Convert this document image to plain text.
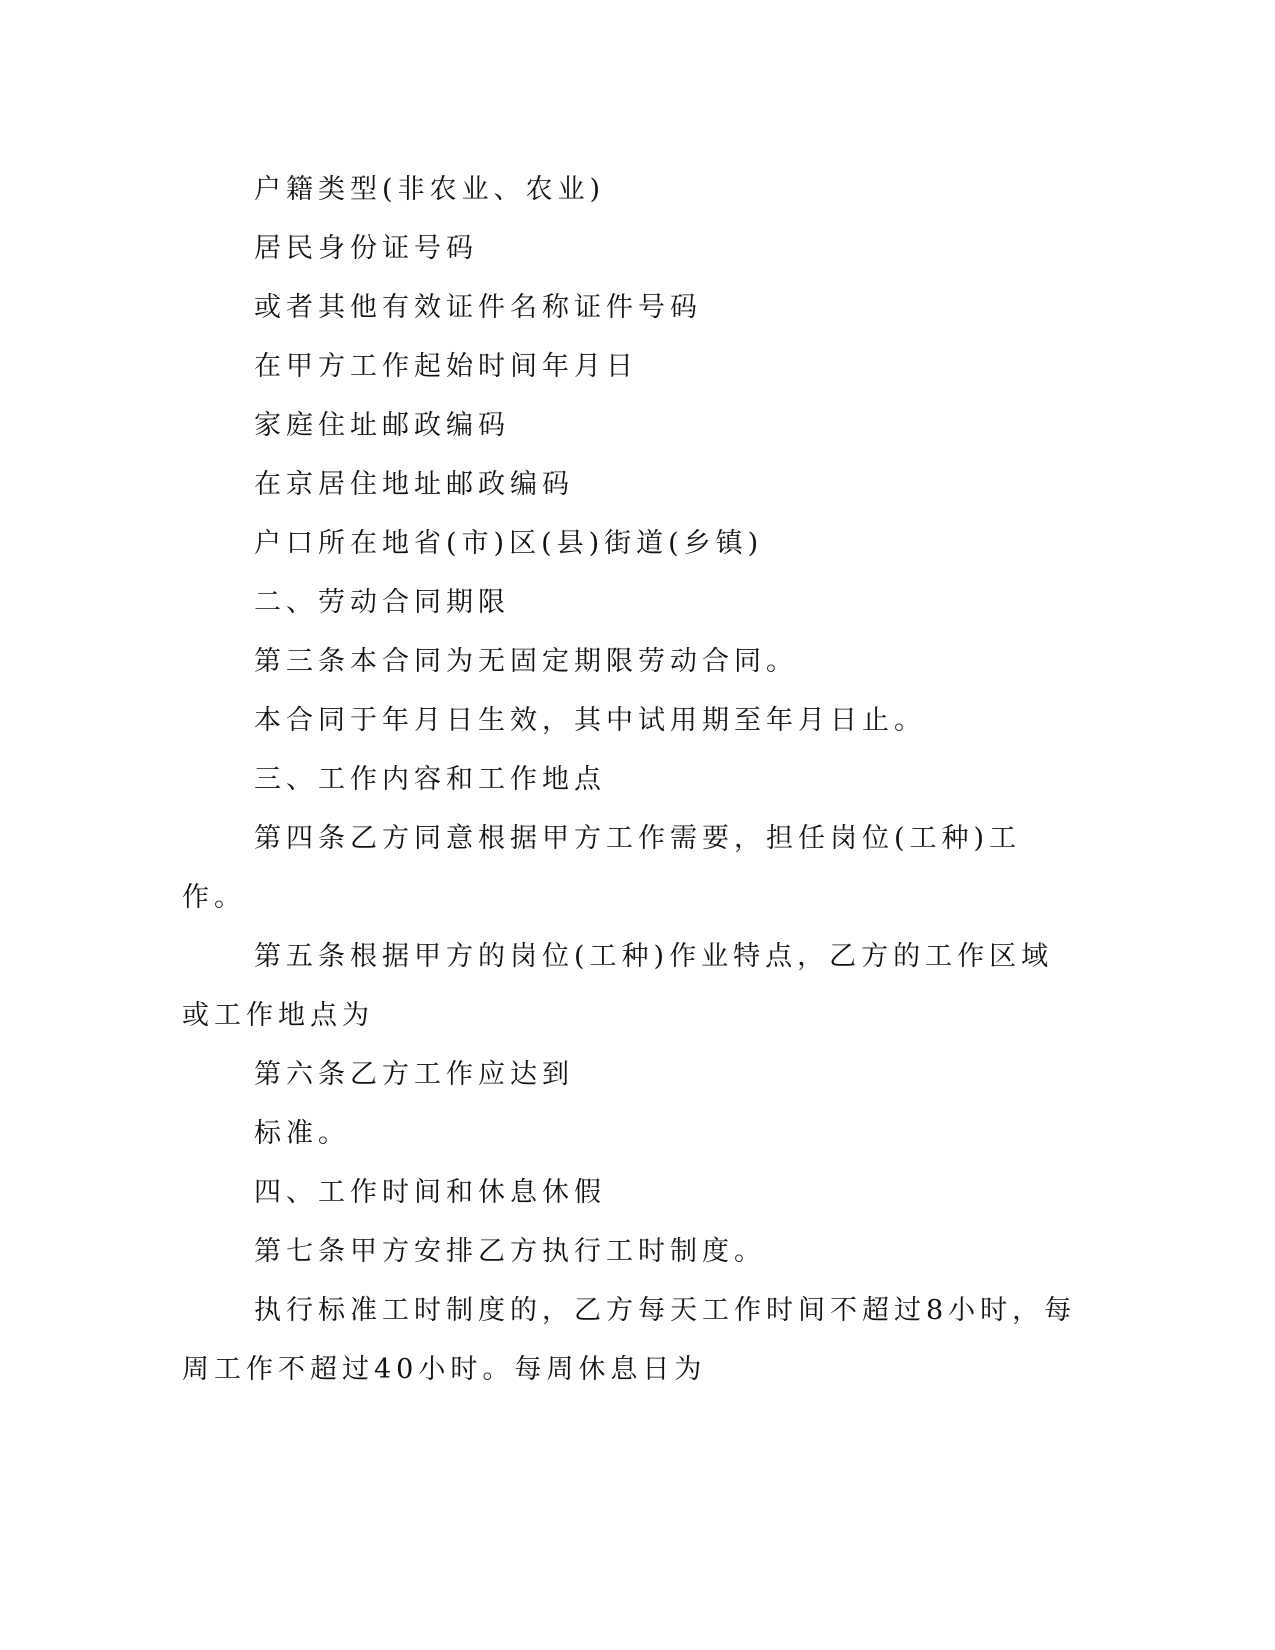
户籍类型(非农业、农业)

居民身份证号码

或者其他有效证件名称证件号码

在甲方工作起始时间年月日

家庭住址邮政编码

在京居住地址邮政编码

户口所在地省(市)区(县)街道(乡镇)

二、劳动合同期限

第三条本合同为无固定期限劳动合同。

本合同于年月日生效，其中试用期至年月日止。

三、工作内容和工作地点

第四条乙方同意根据甲方工作需要，担任岗位(工种)工作。

第五条根据甲方的岗位(工种)作业特点，乙方的工作区域或工作地点为

第六条乙方工作应达到

标准。

四、工作时间和休息休假

第七条甲方安排乙方执行工时制度。

执行标准工时制度的，乙方每天工作时间不超过8小时，每周工作不超过40小时。每周休息日为
